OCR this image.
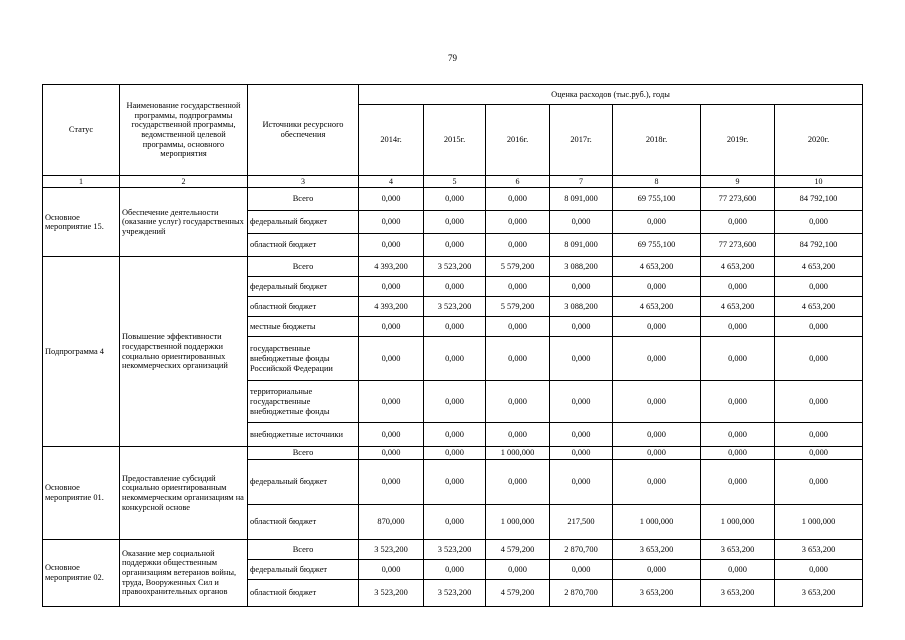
79
Статус	Наименование государственной программы, подпрограммы государственной программы, ведомственной целевой программы, основного мероприятия	Источники ресурсного обеспечения	Оценка расходов (тыс.руб.), годы						
			2014г.	2015г.	2016г.	2017г.	2018г.	2019г.	2020г.
1	2	3	4	5	6	7	8	9	10
Основное мероприятие 15.	Обеспечение деятельности (оказание услуг) государственных учреждений	Всего	0,000	0,000	0,000	8 091,000	69 755,100	77 273,600	84 792,100
		федеральный бюджет	0,000	0,000	0,000	0,000	0,000	0,000	0,000
		областной бюджет	0,000	0,000	0,000	8 091,000	69 755,100	77 273,600	84 792,100
Подпрограмма 4	Повышение эффективности государственной поддержки социально ориентированных некоммерческих организаций	Всего	4 393,200	3 523,200	5 579,200	3 088,200	4 653,200	4 653,200	4 653,200
		федеральный бюджет	0,000	0,000	0,000	0,000	0,000	0,000	0,000
		областной бюджет	4 393,200	3 523,200	5 579,200	3 088,200	4 653,200	4 653,200	4 653,200
		местные бюджеты	0,000	0,000	0,000	0,000	0,000	0,000	0,000
		государственные внебюджетные фонды Российской Федерации	0,000	0,000	0,000	0,000	0,000	0,000	0,000
		территориальные государственные внебюджетные фонды	0,000	0,000	0,000	0,000	0,000	0,000	0,000
		внебюджетные источники	0,000	0,000	0,000	0,000	0,000	0,000	0,000
Основное мероприятие 01.	Предоставление субсидий социально ориентированным некоммерческим организациям на конкурсной основе	Всего	0,000	0,000	1 000,000	0,000	0,000	0,000	0,000
		федеральный бюджет	0,000	0,000	0,000	0,000	0,000	0,000	0,000
		областной бюджет	870,000	0,000	1 000,000	217,500	1 000,000	1 000,000	1 000,000
Основное мероприятие 02.	Оказание мер социальной поддержки общественным организациям ветеранов войны, труда, Вооруженных Сил и правоохранительных органов	Всего	3 523,200	3 523,200	4 579,200	2 870,700	3 653,200	3 653,200	3 653,200
		федеральный бюджет	0,000	0,000	0,000	0,000	0,000	0,000	0,000
		областной бюджет	3 523,200	3 523,200	4 579,200	2 870,700	3 653,200	3 653,200	3 653,200
